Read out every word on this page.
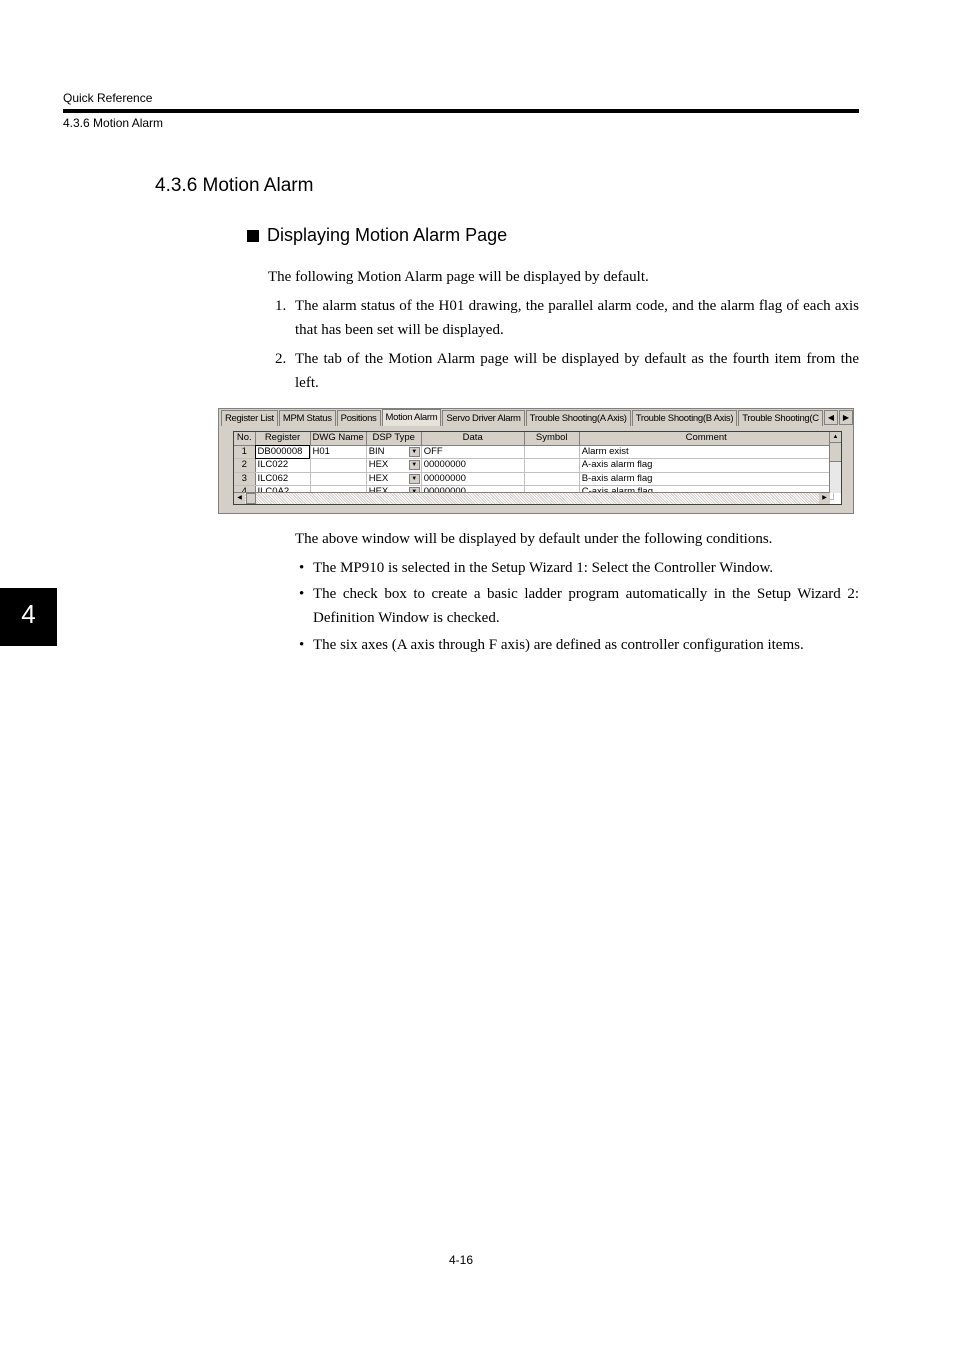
Quick Reference
4.3.6 Motion Alarm
4.3.6 Motion Alarm
Displaying Motion Alarm Page
The following Motion Alarm page will be displayed by default.
1. The alarm status of the H01 drawing, the parallel alarm code, and the alarm flag of each axis that has been set will be displayed.
2. The tab of the Motion Alarm page will be displayed by default as the fourth item from the left.
Register List MPM Status Positions Motion Alarm Servo Driver Alarm Trouble Shooting(A Axis) Trouble Shooting(B Axis) Trouble Shooting(C	◀	▶
No.	Register	DWG Name	DSP Type	Data	Symbol	Comment
1	DB000008	H01	BIN ▼	OFF		Alarm exist
2	ILC022		HEX ▼	00000000		A-axis alarm flag
3	ILC062		HEX ▼	00000000		B-axis alarm flag

▲
◀	▶
The above window will be displayed by default under the following conditions.
• The MP910 is selected in the Setup Wizard 1: Select the Controller Window.
• The check box to create a basic ladder program automatically in the Setup Wizard 2: Definition Window is checked.
• The six axes (A axis through F axis) are defined as controller configuration items.
4
4-16
